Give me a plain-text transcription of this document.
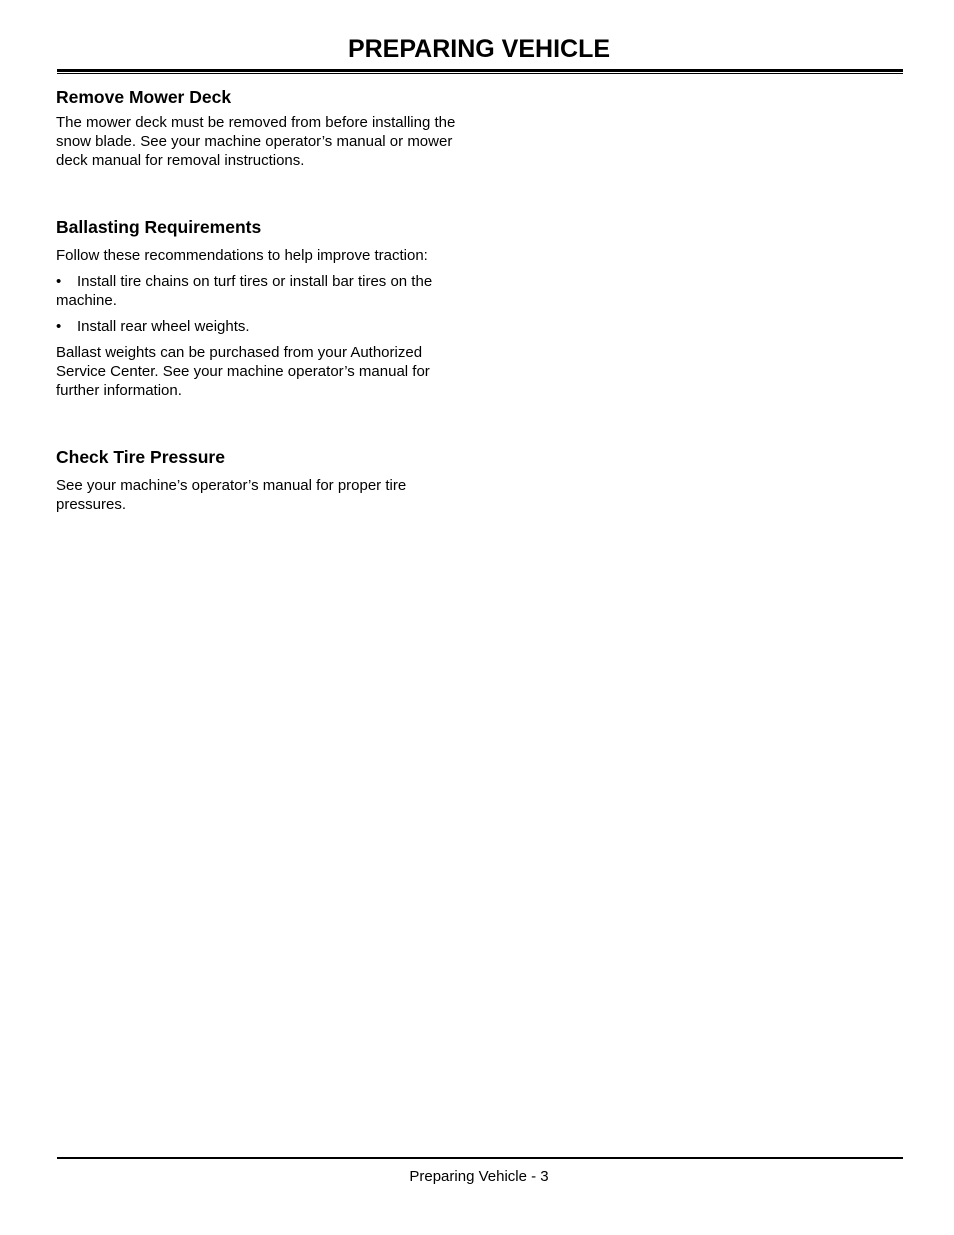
PREPARING VEHICLE
Remove Mower Deck

The mower deck must be removed from before installing the snow blade. See your machine operator’s manual or mower deck manual for removal instructions.

Ballasting Requirements

Follow these recommendations to help improve traction:

• Install tire chains on turf tires or install bar tires on the machine.

• Install rear wheel weights.

Ballast weights can be purchased from your Authorized Service Center. See your machine operator’s manual for further information.

Check Tire Pressure

See your machine’s operator’s manual for proper tire pressures.

Preparing Vehicle - 3
